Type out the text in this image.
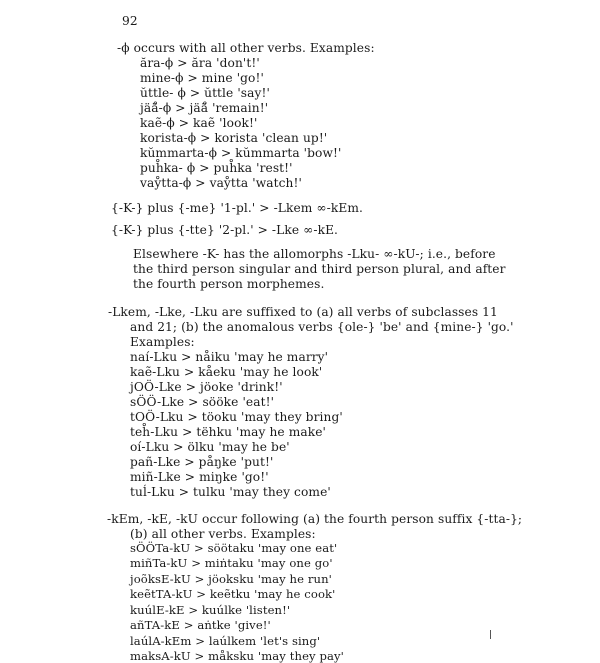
92
-ϕ occurs with all other verbs. Examples:
ăra-ϕ > ăra 'don't!'
mine-ϕ > mine 'go!'
ŭttle- ϕ > ŭttle 'say!'
jää̊-ϕ > jää̊ 'remain!'
kaẽ-ϕ > kaẽ 'look!'
korista-ϕ > korista 'clean up!'
kŭmmarta-ϕ > kŭmmarta 'bow!'
puh̊ka- ϕ > puh̊ka 'rest!'
vaẙtta-ϕ > vaẙtta 'watch!'
{-K-} plus {-me} '1-pl.' > -Lkem ∞-kEm.
{-K-} plus {-tte} '2-pl.' > -Lke ∞-kE.
Elsewhere -K- has the allomorphs -Lku- ∞-kU-; i.e., before
the third person singular and third person plural, and after
the fourth person morphemes.
-Lkem, -Lke, -Lku are suffixed to (a) all verbs of subclasses 11
and 21; (b) the anomalous verbs {ole-} 'be' and {mine-} 'go.'
Examples:
naí-Lku > nåiku 'may he marry'
kaẽ-Lku > kåeku 'may he look'
jOÖ-Lke > jöoke 'drink!'
sÖÖ-Lke > sööke 'eat!'
tOÖ-Lku > töoku 'may they bring'
teh̊-Lku > tëhku 'may he make'
oí-Lku > ölku 'may he be'
pañ-Lke > påŋke 'put!'
miñ-Lke > miŋke 'go!'
tuĺ-Lku > tulku 'may they come'
-kEm, -kE, -kU occur following (a) the fourth person suffix {-tta-};
(b) all other verbs. Examples:
sÖÖTa-kU > söötaku 'may one eat'
miñTa-kU > miṅtaku 'may one go'
joõksE-kU > jöoksku 'may he run'
keẽtTA-kU > keẽtku 'may he cook'
kuúlE-kE > kuúlke 'listen!'
añTA-kE > aṅtke 'give!'
laúlA-kEm > laúlkem 'let's sing'
maksA-kU > måksku 'may they pay'
